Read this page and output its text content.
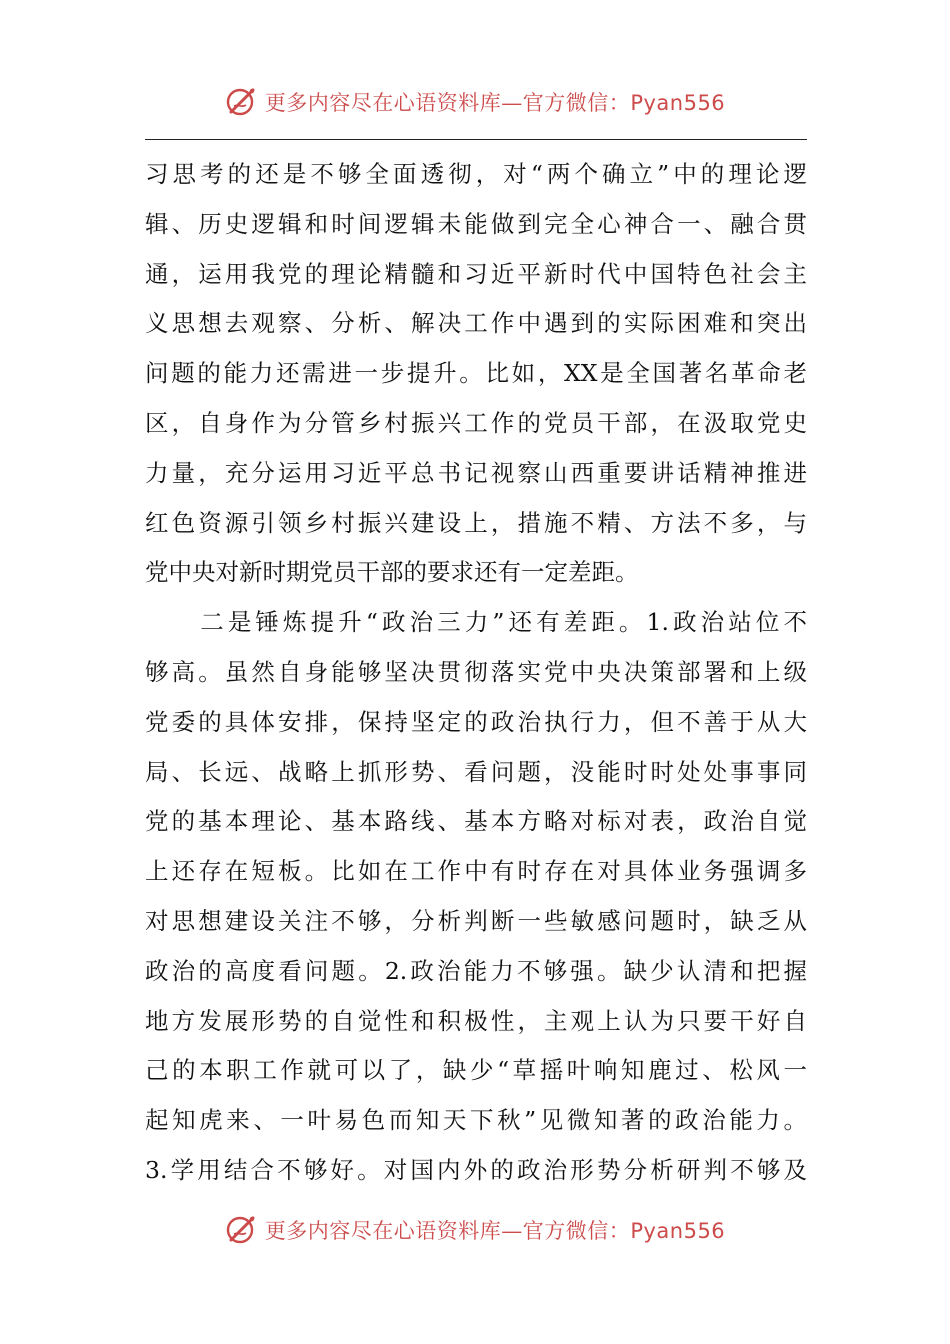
更多内容尽在心语资料库—官方微信：Pyan556
习思考的还是不够全面透彻，对“两个确立”中的理论逻
辑、历史逻辑和时间逻辑未能做到完全心神合一、融合贯
通，运用我党的理论精髓和习近平新时代中国特色社会主
义思想去观察、分析、解决工作中遇到的实际困难和突出
问题的能力还需进一步提升。比如，XX是全国著名革命老
区，自身作为分管乡村振兴工作的党员干部，在汲取党史
力量，充分运用习近平总书记视察山西重要讲话精神推进
红色资源引领乡村振兴建设上，措施不精、方法不多，与
党中央对新时期党员干部的要求还有一定差距。
　　二是锤炼提升“政治三力”还有差距。1.政治站位不
够高。虽然自身能够坚决贯彻落实党中央决策部署和上级
党委的具体安排，保持坚定的政治执行力，但不善于从大
局、长远、战略上抓形势、看问题，没能时时处处事事同
党的基本理论、基本路线、基本方略对标对表，政治自觉
上还存在短板。比如在工作中有时存在对具体业务强调多
对思想建设关注不够，分析判断一些敏感问题时，缺乏从
政治的高度看问题。2.政治能力不够强。缺少认清和把握
地方发展形势的自觉性和积极性，主观上认为只要干好自
己的本职工作就可以了，缺少“草摇叶响知鹿过、松风一
起知虎来、一叶易色而知天下秋”见微知著的政治能力。
3.学用结合不够好。对国内外的政治形势分析研判不够及
更多内容尽在心语资料库—官方微信：Pyan556
